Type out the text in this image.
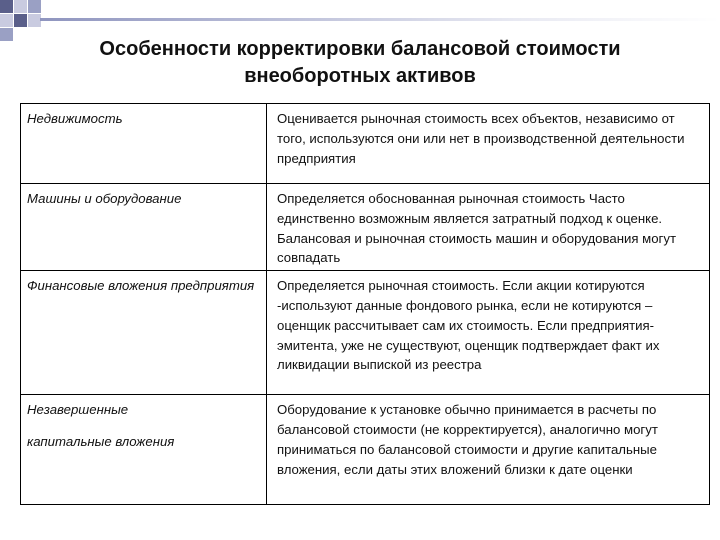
Особенности корректировки балансовой стоимости
внеоборотных активов
Недвижимость	Оценивается рыночная стоимость всех объектов, независимо от того, используются они или нет в производственной деятельности предприятия
Машины и оборудование	Определяется обоснованная рыночная стоимость Часто единственно возможным является затратный подход к оценке. Балансовая и рыночная стоимость машин и оборудования могут совпадать
Финансовые вложения предприятия	Определяется рыночная стоимость. Если акции котируются -используют данные фондового рынка, если не котируются – оценщик рассчитывает сам их стоимость. Если предприятия-эмитента, уже не существуют, оценщик подтверждает факт их ликвидации выпиской из реестра
Незавершенные
капитальные вложения	Оборудование к установке обычно принимается в расчеты по балансовой стоимости (не корректируется), аналогично могут приниматься по балансовой стоимости и другие капитальные вложения, если даты этих вложений близки к дате оценки
